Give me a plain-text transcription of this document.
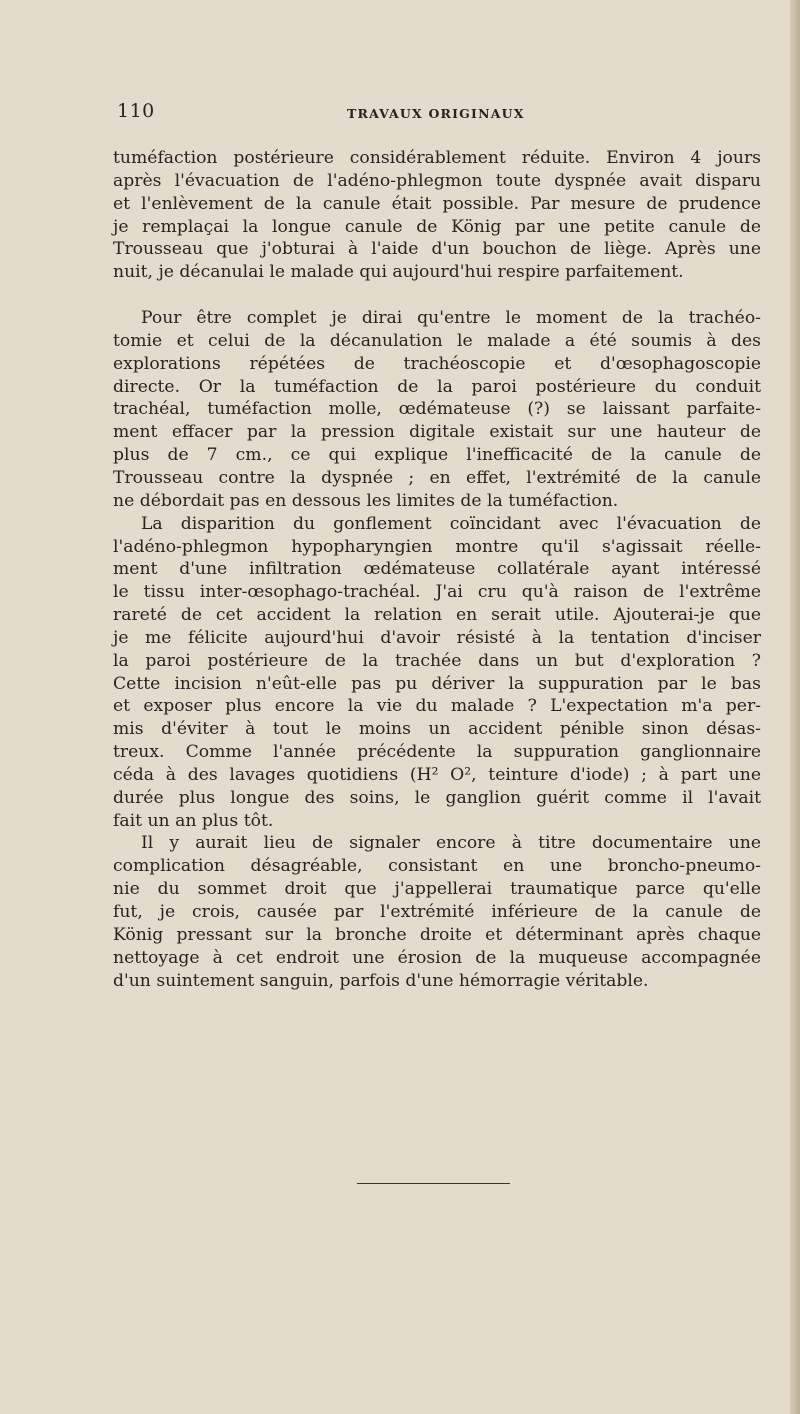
110	TRAVAUX ORIGINAUX
tuméfaction postérieure considérablement réduite. Environ 4 jours
après l'évacuation de l'adéno-phlegmon toute dyspnée avait disparu
et l'enlèvement de la canule était possible. Par mesure de prudence
je remplaçai la longue canule de König par une petite canule de
Trousseau que j'obturai à l'aide d'un bouchon de liège. Après une
nuit, je décanulai le malade qui aujourd'hui respire parfaitement.
Pour être complet je dirai qu'entre le moment de la trachéo-
tomie et celui de la décanulation le malade a été soumis à des
explorations répétées de trachéoscopie et d'œsophagoscopie
directe. Or la tuméfaction de la paroi postérieure du conduit
trachéal, tuméfaction molle, œdémateuse (?) se laissant parfaite-
ment effacer par la pression digitale existait sur une hauteur de
plus de 7 cm., ce qui explique l'inefficacité de la canule de
Trousseau contre la dyspnée ; en effet, l'extrémité de la canule
ne débordait pas en dessous les limites de la tuméfaction.
La disparition du gonflement coïncidant avec l'évacuation de
l'adéno-phlegmon hypopharyngien montre qu'il s'agissait réelle-
ment d'une infiltration œdémateuse collatérale ayant intéressé
le tissu inter-œsophago-trachéal. J'ai cru qu'à raison de l'extrême
rareté de cet accident la relation en serait utile. Ajouterai-je que
je me félicite aujourd'hui d'avoir résisté à la tentation d'inciser
la paroi postérieure de la trachée dans un but d'exploration ?
Cette incision n'eût-elle pas pu dériver la suppuration par le bas
et exposer plus encore la vie du malade ? L'expectation m'a per-
mis d'éviter à tout le moins un accident pénible sinon désas-
treux. Comme l'année précédente la suppuration ganglionnaire
céda à des lavages quotidiens (H² O², teinture d'iode) ; à part une
durée plus longue des soins, le ganglion guérit comme il l'avait
fait un an plus tôt.
Il y aurait lieu de signaler encore à titre documentaire une
complication désagréable, consistant en une broncho-pneumo-
nie du sommet droit que j'appellerai traumatique parce qu'elle
fut, je crois, causée par l'extrémité inférieure de la canule de
König pressant sur la bronche droite et déterminant après chaque
nettoyage à cet endroit une érosion de la muqueuse accompagnée
d'un suintement sanguin, parfois d'une hémorragie véritable.
